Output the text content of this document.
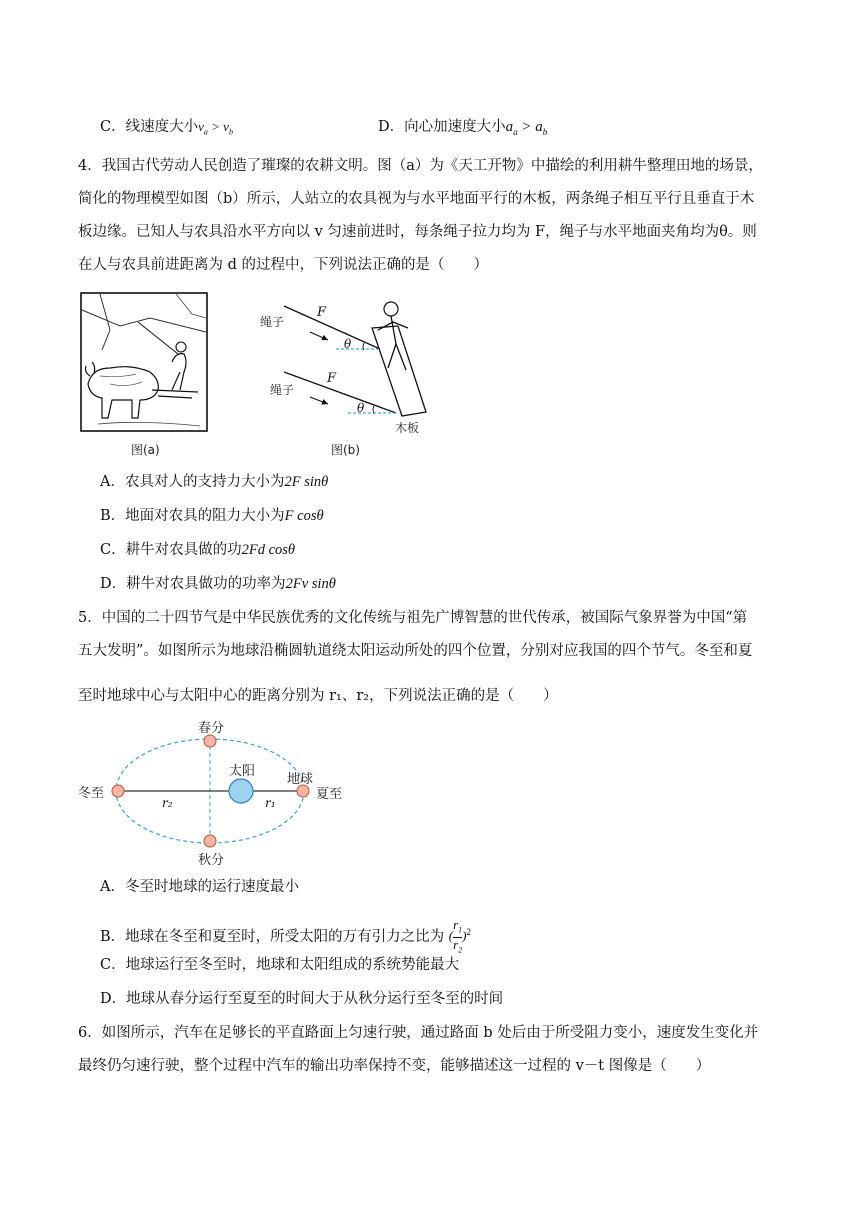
C．线速度大小$v_a > v_b$	D．向心加速度大小$a_a > a_b$
4．我国古代劳动人民创造了璀璨的农耕文明。图（a）为《天工开物》中描绘的利用耕牛整理田地的场景，
简化的物理模型如图（b）所示，人站立的农具视为与水平地面平行的木板，两条绳子相互平行且垂直于木
板边缘。已知人与农具沿水平方向以 v 匀速前进时，每条绳子拉力均为 F，绳子与水平地面夹角均为θ。则
在人与农具前进距离为 d 的过程中，下列说法正确的是（　　）
图(a)
绳子
绳子
F
F
θ
θ
木板
图(b)
A．农具对人的支持力大小为2F sinθ
B．地面对农具的阻力大小为F cosθ
C．耕牛对农具做的功2Fd cosθ
D．耕牛对农具做功的功率为2Fv sinθ
5．中国的二十四节气是中华民族优秀的文化传统与祖先广博智慧的世代传承，被国际气象界誉为中国“第
五大发明”。如图所示为地球沿椭圆轨道绕太阳运动所处的四个位置，分别对应我国的四个节气。冬至和夏
至时地球中心与太阳中心的距离分别为 r₁、r₂，下列说法正确的是（　　）
春分
秋分
冬至	夏至
太阳
地球
r₂	r₁
A．冬至时地球的运行速度最小
B．地球在冬至和夏至时，所受太阳的万有引力之比为 ( $\frac{r_1}{r_2} )^2$
C．地球运行至冬至时，地球和太阳组成的系统势能最大
D．地球从春分运行至夏至的时间大于从秋分运行至冬至的时间
6．如图所示，汽车在足够长的平直路面上匀速行驶，通过路面 b 处后由于所受阻力变小，速度发生变化并
最终仍匀速行驶，整个过程中汽车的输出功率保持不变，能够描述这一过程的 v－t 图像是（　　）
